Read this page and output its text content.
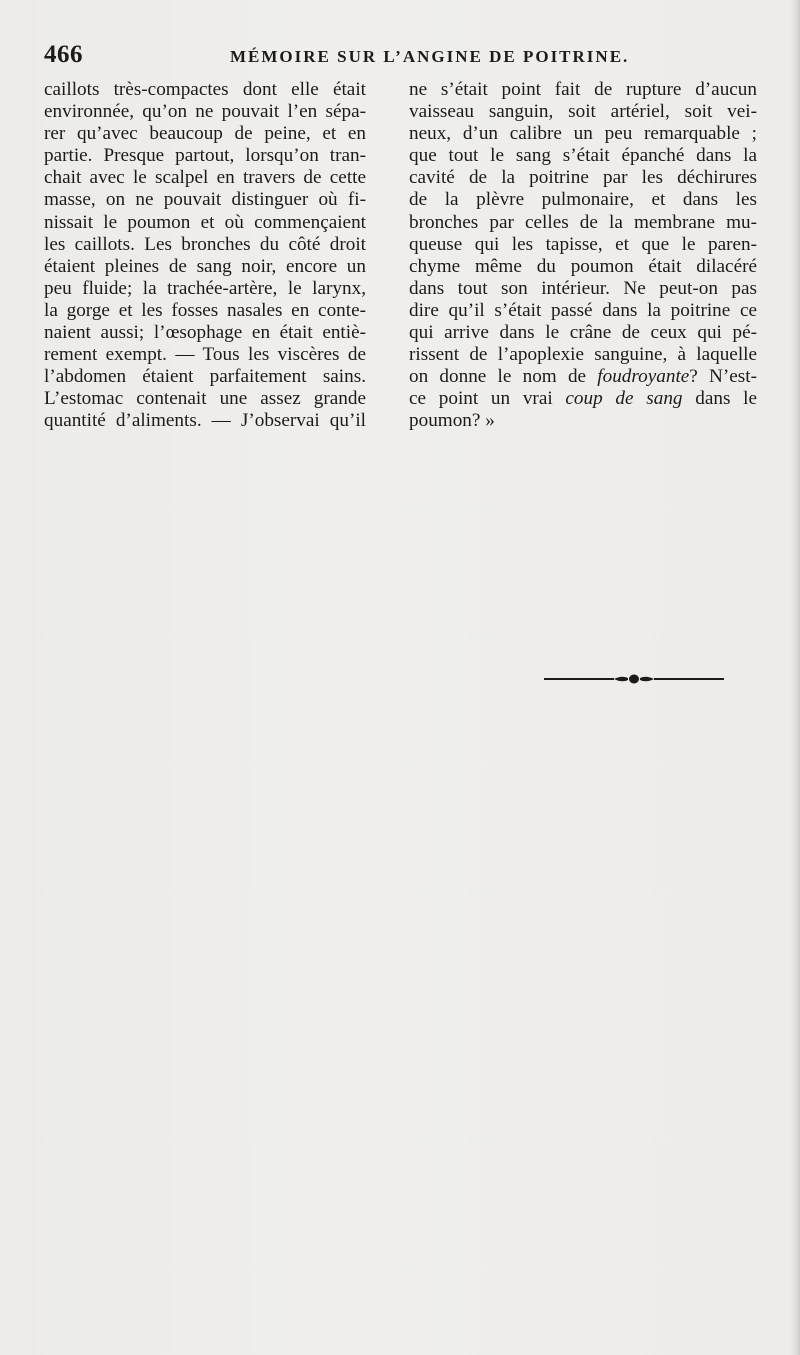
466	MÉMOIRE SUR L’ANGINE DE POITRINE.
caillots très-compactes dont elle était
environnée, qu’on ne pouvait l’en sépa-
rer qu’avec beaucoup de peine, et en
partie. Presque partout, lorsqu’on tran-
chait avec le scalpel en travers de cette
masse, on ne pouvait distinguer où fi-
nissait le poumon et où commençaient
les caillots. Les bronches du côté droit
étaient pleines de sang noir, encore un
peu fluide; la trachée-artère, le larynx,
la gorge et les fosses nasales en conte-
naient aussi; l’œsophage en était entiè-
rement exempt. — Tous les viscères de
l’abdomen étaient parfaitement sains.
L’estomac contenait une assez grande
quantité d’aliments. — J’observai qu’il
ne s’était point fait de rupture d’aucun
vaisseau sanguin, soit artériel, soit vei-
neux, d’un calibre un peu remarquable ;
que tout le sang s’était épanché dans la
cavité de la poitrine par les déchirures
de la plèvre pulmonaire, et dans les
bronches par celles de la membrane mu-
queuse qui les tapisse, et que le paren-
chyme même du poumon était dilacéré
dans tout son intérieur. Ne peut-on pas
dire qu’il s’était passé dans la poitrine ce
qui arrive dans le crâne de ceux qui pé-
rissent de l’apoplexie sanguine, à laquelle
on donne le nom de foudroyante? N’est-
ce point un vrai coup de sang dans le
poumon? »
